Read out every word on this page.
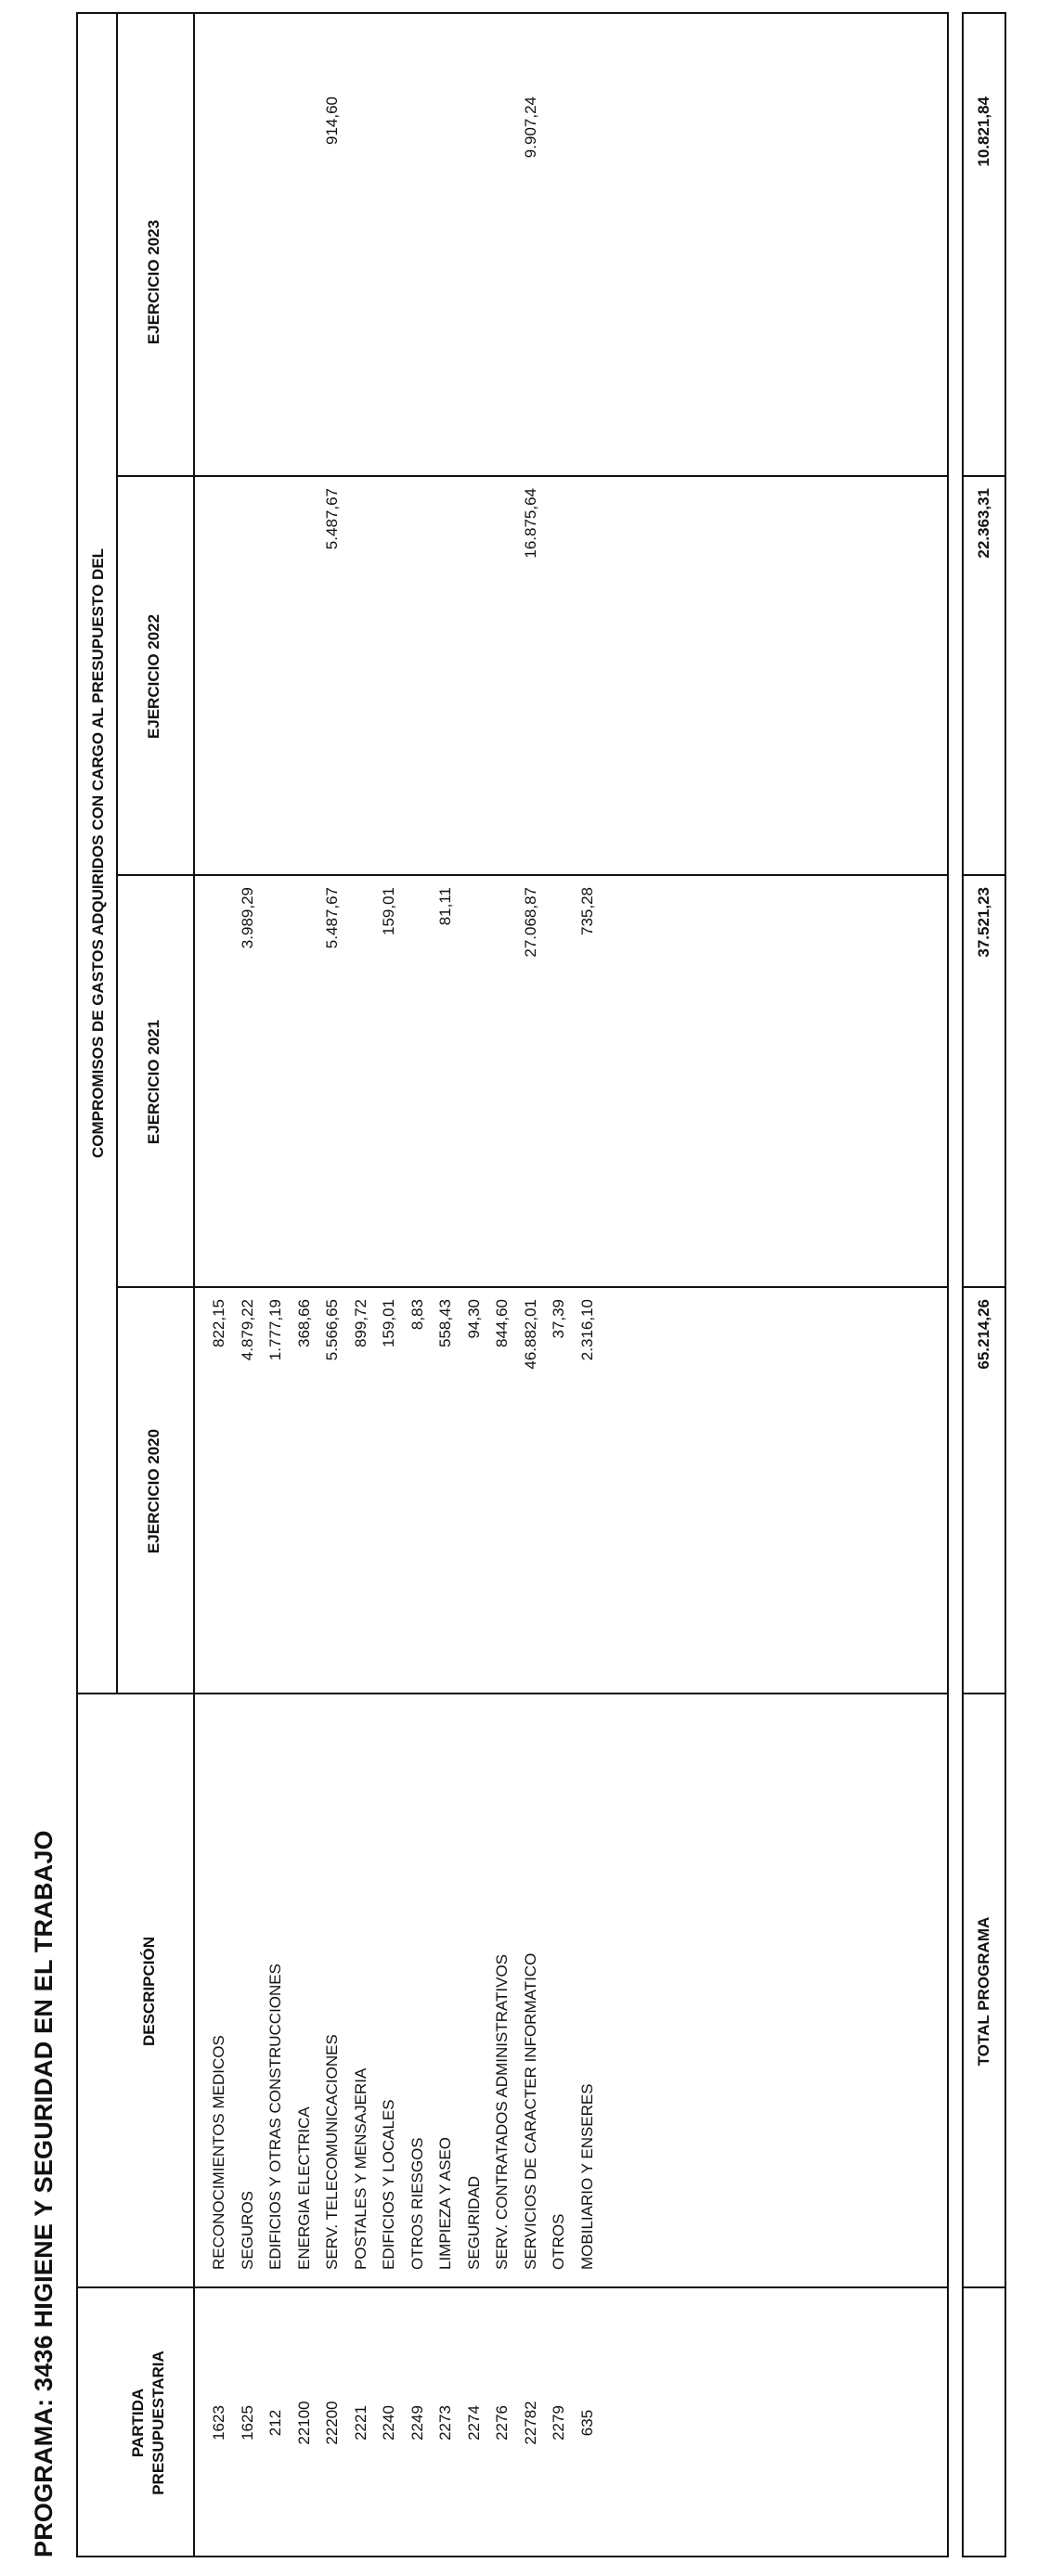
PROGRAMA: 3436 HIGIENE Y SEGURIDAD EN EL TRABAJO	PARTIDA
PRESUPUESTARIA
DESCRIPCIÓN
COMPROMISOS DE GASTOS ADQUIRIDOS CON CARGO AL PRESUPUESTO DEL
EJERCICIO 2020
EJERCICIO 2021
EJERCICIO 2022
EJERCICIO 2023
1623
RECONOCIMIENTOS MEDICOS
822,15
1625
SEGUROS
4.879,22
3.989,29
212
EDIFICIOS Y OTRAS CONSTRUCCIONES
1.777,19
22100
ENERGIA ELECTRICA
368,66
22200
SERV. TELECOMUNICACIONES
5.566,65
5.487,67
5.487,67
914,60
2221
POSTALES Y MENSAJERIA
899,72
2240
EDIFICIOS Y LOCALES
159,01
159,01
2249
OTROS RIESGOS
8,83
2273
LIMPIEZA Y ASEO
558,43
81,11
2274
SEGURIDAD
94,30
2276
SERV. CONTRATADOS ADMINISTRATIVOS
844,60
22782
SERVICIOS DE CARACTER INFORMATICO
46.882,01
27.068,87
16.875,64
9.907,24
2279
OTROS
37,39
635
MOBILIARIO Y ENSERES
2.316,10
735,28
TOTAL PROGRAMA
65.214,26
37.521,23
22.363,31
10.821,84
